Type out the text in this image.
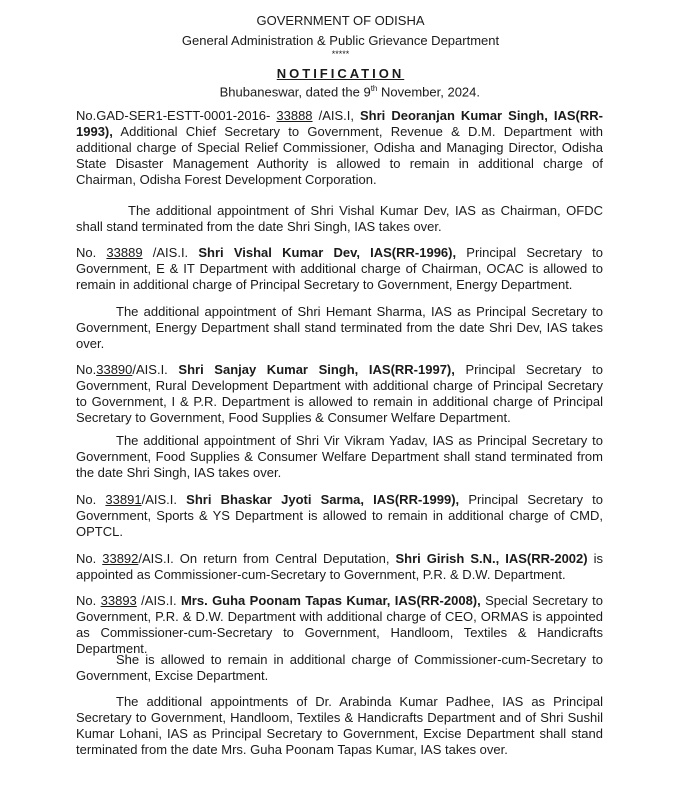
GOVERNMENT OF ODISHA
General Administration & Public Grievance Department
*****
NOTIFICATION
Bhubaneswar, dated the 9th November, 2024.

No.GAD-SER1-ESTT-0001-2016- 33888 /AIS.I, Shri Deoranjan Kumar Singh, IAS(RR-1993), Additional Chief Secretary to Government, Revenue & D.M. Department with additional charge of Special Relief Commissioner, Odisha and Managing Director, Odisha State Disaster Management Authority is allowed to remain in additional charge of Chairman, Odisha Forest Development Corporation.

The additional appointment of Shri Vishal Kumar Dev, IAS as Chairman, OFDC shall stand terminated from the date Shri Singh, IAS takes over.

No. 33889 /AIS.I. Shri Vishal Kumar Dev, IAS(RR-1996), Principal Secretary to Government, E & IT Department with additional charge of Chairman, OCAC is allowed to remain in additional charge of Principal Secretary to Government, Energy Department.

The additional appointment of Shri Hemant Sharma, IAS as Principal Secretary to Government, Energy Department shall stand terminated from the date Shri Dev, IAS takes over.

No.33890/AIS.I. Shri Sanjay Kumar Singh, IAS(RR-1997), Principal Secretary to Government, Rural Development Department with additional charge of Principal Secretary to Government, I & P.R. Department is allowed to remain in additional charge of Principal Secretary to Government, Food Supplies & Consumer Welfare Department.

The additional appointment of Shri Vir Vikram Yadav, IAS as Principal Secretary to Government, Food Supplies & Consumer Welfare Department shall stand terminated from the date Shri Singh, IAS takes over.

No. 33891/AIS.I. Shri Bhaskar Jyoti Sarma, IAS(RR-1999), Principal Secretary to Government, Sports & YS Department is allowed to remain in additional charge of CMD, OPTCL.

No. 33892/AIS.I. On return from Central Deputation, Shri Girish S.N., IAS(RR-2002) is appointed as Commissioner-cum-Secretary to Government, P.R. & D.W. Department.

No. 33893 /AIS.I. Mrs. Guha Poonam Tapas Kumar, IAS(RR-2008), Special Secretary to Government, P.R. & D.W. Department with additional charge of CEO, ORMAS is appointed as Commissioner-cum-Secretary to Government, Handloom, Textiles & Handicrafts Department.

She is allowed to remain in additional charge of Commissioner-cum-Secretary to Government, Excise Department.

The additional appointments of Dr. Arabinda Kumar Padhee, IAS as Principal Secretary to Government, Handloom, Textiles & Handicrafts Department and of Shri Sushil Kumar Lohani, IAS as Principal Secretary to Government, Excise Department shall stand terminated from the date Mrs. Guha Poonam Tapas Kumar, IAS takes over.
